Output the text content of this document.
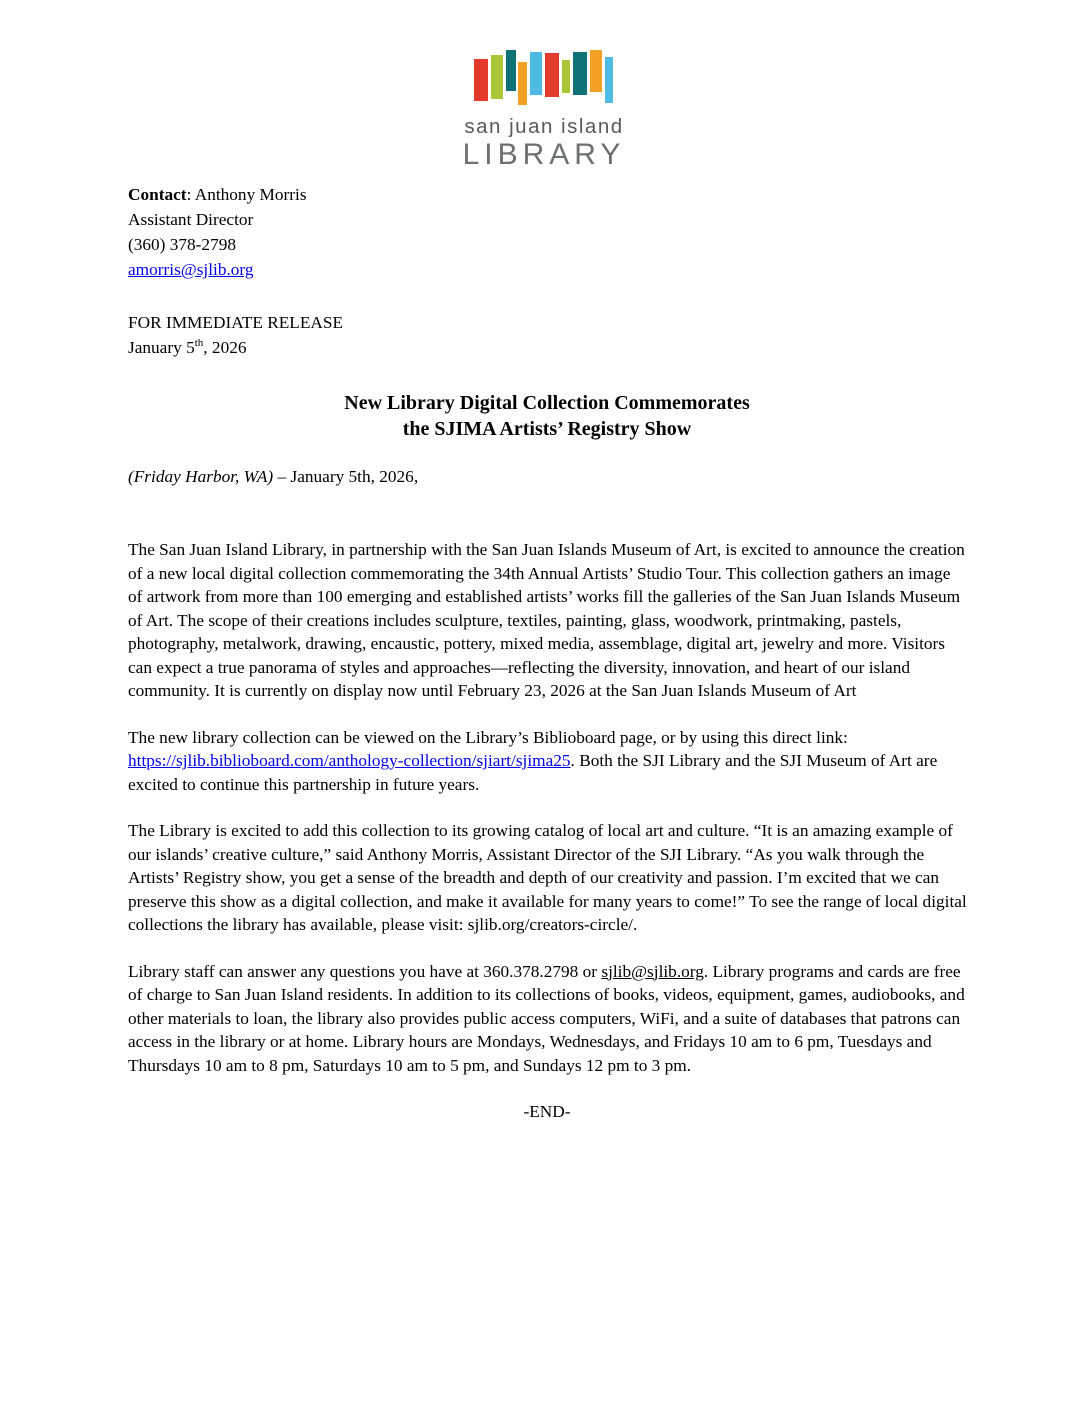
san juan island
LIBRARY
Contact: Anthony Morris
Assistant Director
(360) 378-2798
amorris@sjlib.org
FOR IMMEDIATE RELEASE
January 5th, 2026
New Library Digital Collection Commemorates
the SJIMA Artists’ Registry Show
(Friday Harbor, WA) – January 5th, 2026,
The San Juan Island Library, in partnership with the San Juan Islands Museum of Art, is excited to announce the creation of a new local digital collection commemorating the 34th Annual Artists’ Studio Tour. This collection gathers an image of artwork from more than 100 emerging and established artists’ works fill the galleries of the San Juan Islands Museum of Art. The scope of their creations includes sculpture, textiles, painting, glass, woodwork, printmaking, pastels, photography, metalwork, drawing, encaustic, pottery, mixed media, assemblage, digital art, jewelry and more. Visitors can expect a true panorama of styles and approaches—reflecting the diversity, innovation, and heart of our island community. It is currently on display now until February 23, 2026 at the San Juan Islands Museum of Art
The new library collection can be viewed on the Library’s Biblioboard page, or by using this direct link: https://sjlib.biblioboard.com/anthology-collection/sjiart/sjima25. Both the SJI Library and the SJI Museum of Art are excited to continue this partnership in future years.
The Library is excited to add this collection to its growing catalog of local art and culture. “It is an amazing example of our islands’ creative culture,” said Anthony Morris, Assistant Director of the SJI Library. “As you walk through the Artists’ Registry show, you get a sense of the breadth and depth of our creativity and passion. I’m excited that we can preserve this show as a digital collection, and make it available for many years to come!” To see the range of local digital collections the library has available, please visit: sjlib.org/creators-circle/.
Library staff can answer any questions you have at 360.378.2798 or sjlib@sjlib.org. Library programs and cards are free of charge to San Juan Island residents. In addition to its collections of books, videos, equipment, games, audiobooks, and other materials to loan, the library also provides public access computers, WiFi, and a suite of databases that patrons can access in the library or at home. Library hours are Mondays, Wednesdays, and Fridays 10 am to 6 pm, Tuesdays and Thursdays 10 am to 8 pm, Saturdays 10 am to 5 pm, and Sundays 12 pm to 3 pm.
-END-
